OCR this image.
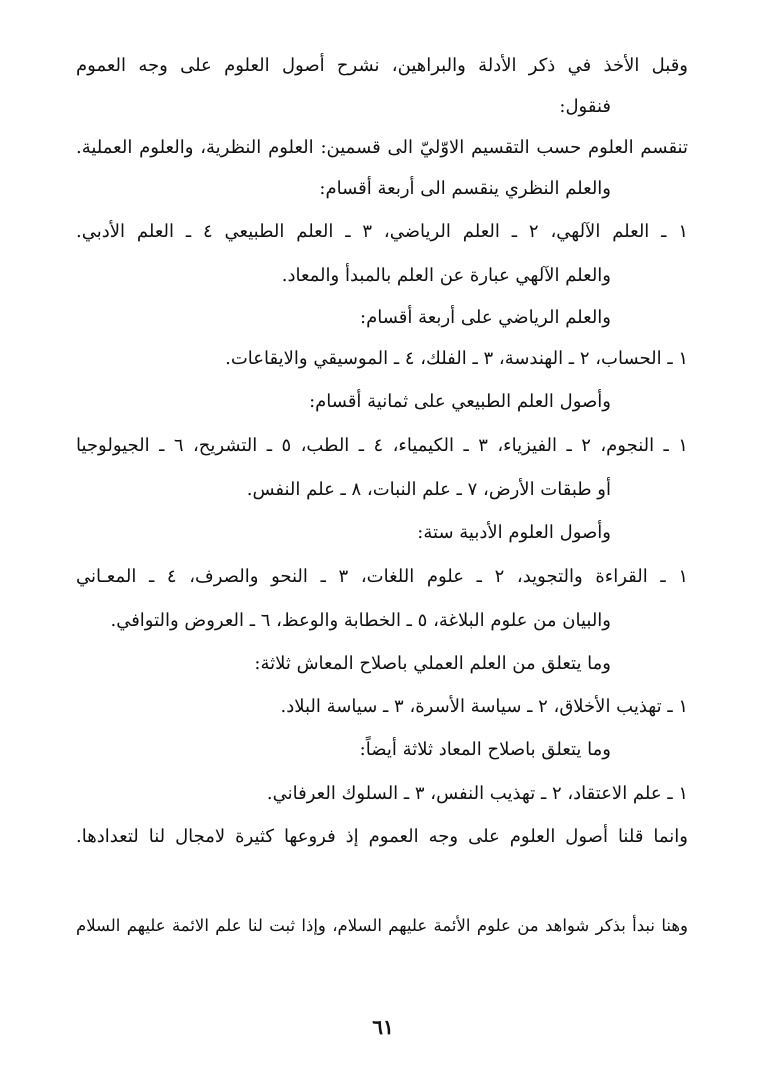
وقبل الأخذ في ذكر الأدلة والبراهين، نشرح أصول العلوم على وجه العموم
فنقول:
تنقسم العلوم حسب التقسيم الاوّليّ الى قسمين: العلوم النظرية، والعلوم العملية.
والعلم النظري ينقسم الى أربعة أقسام:
١ ـ العلم الآلهي، ٢ ـ العلم الرياضي، ٣ ـ العلم الطبيعي ٤ ـ العلم الأدبي.
والعلم الآلهي عبارة عن العلم بالمبدأ والمعاد.
والعلم الرياضي على أربعة أقسام:
١ ـ الحساب، ٢ ـ الهندسة، ٣ ـ الفلك، ٤ ـ الموسيقي والايقاعات.
وأصول العلم الطبيعي على ثمانية أقسام:
١ ـ النجوم، ٢ ـ الفيزياء، ٣ ـ الكيمياء، ٤ ـ الطب، ٥ ـ التشريح، ٦ ـ الجيولوجيا
أو طبقات الأرض، ٧ ـ علم النبات، ٨ ـ علم النفس.
وأصول العلوم الأدبية ستة:
١ ـ القراءة والتجويد، ٢ ـ علوم اللغات، ٣ ـ النحو والصرف، ٤ ـ المعـاني
والبيان من علوم البلاغة، ٥ ـ الخطابة والوعظ، ٦ ـ العروض والتوافي.
وما يتعلق من العلم العملي باصلاح المعاش ثلاثة:
١ ـ تهذيب الأخلاق، ٢ ـ سياسة الأسرة، ٣ ـ سياسة البلاد.
وما يتعلق باصلاح المعاد ثلاثة أيضاً:
١ ـ علم الاعتقاد، ٢ ـ تهذيب النفس، ٣ ـ السلوك العرفاني.
وانما قلنا أصول العلوم على وجه العموم إذ فروعها كثيرة لامجال لنا لتعدادها.
وهنا نبدأ بذكر شواهد من علوم الأئمة عليهم السلام، وإذا ثبت لنا علم الائمة عليهم السلام
٦١
